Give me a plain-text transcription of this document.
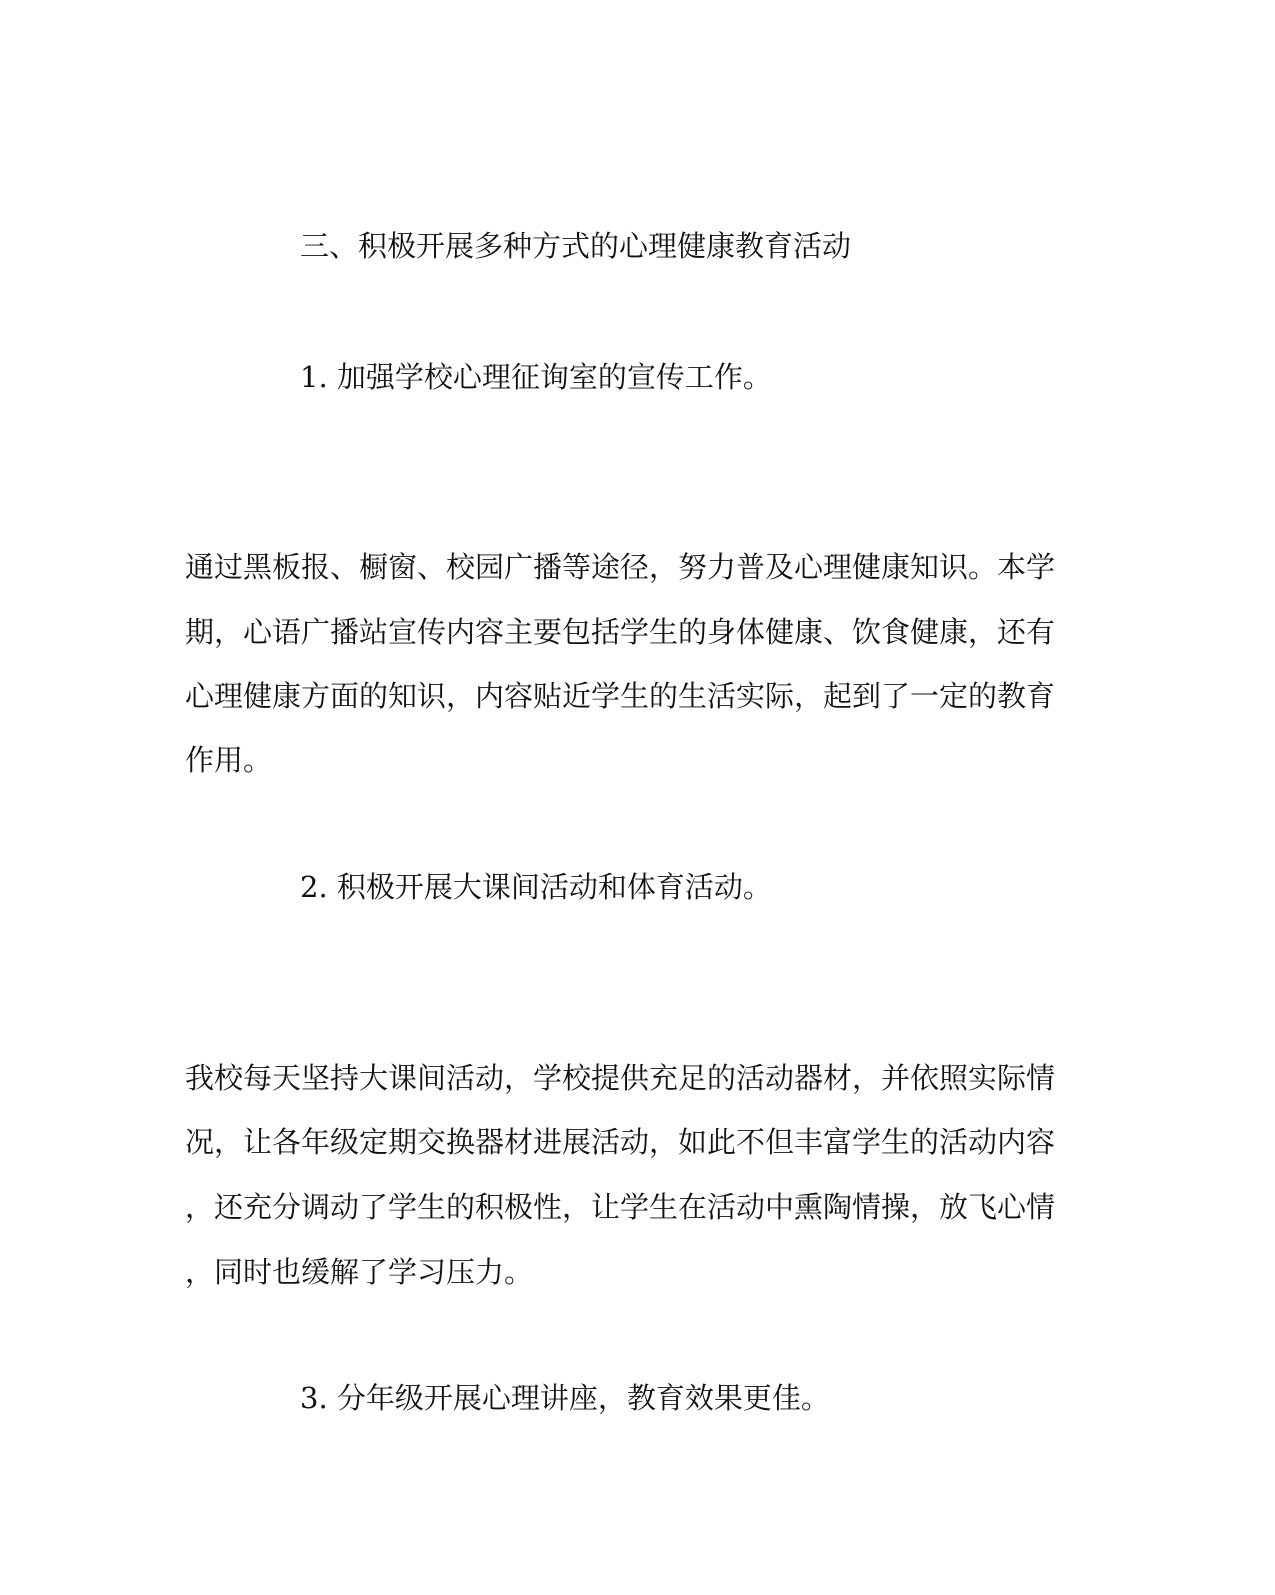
三、积极开展多种方式的心理健康教育活动

1. 加强学校心理征询室的宣传工作。

通过黑板报、橱窗、校园广播等途径，努力普及心理健康知识。本学

期，心语广播站宣传内容主要包括学生的身体健康、饮食健康，还有

心理健康方面的知识，内容贴近学生的生活实际，起到了一定的教育

作用。

2. 积极开展大课间活动和体育活动。

我校每天坚持大课间活动，学校提供充足的活动器材，并依照实际情

况，让各年级定期交换器材进展活动，如此不但丰富学生的活动内容

，还充分调动了学生的积极性，让学生在活动中熏陶情操，放飞心情

，同时也缓解了学习压力。

3. 分年级开展心理讲座，教育效果更佳。
